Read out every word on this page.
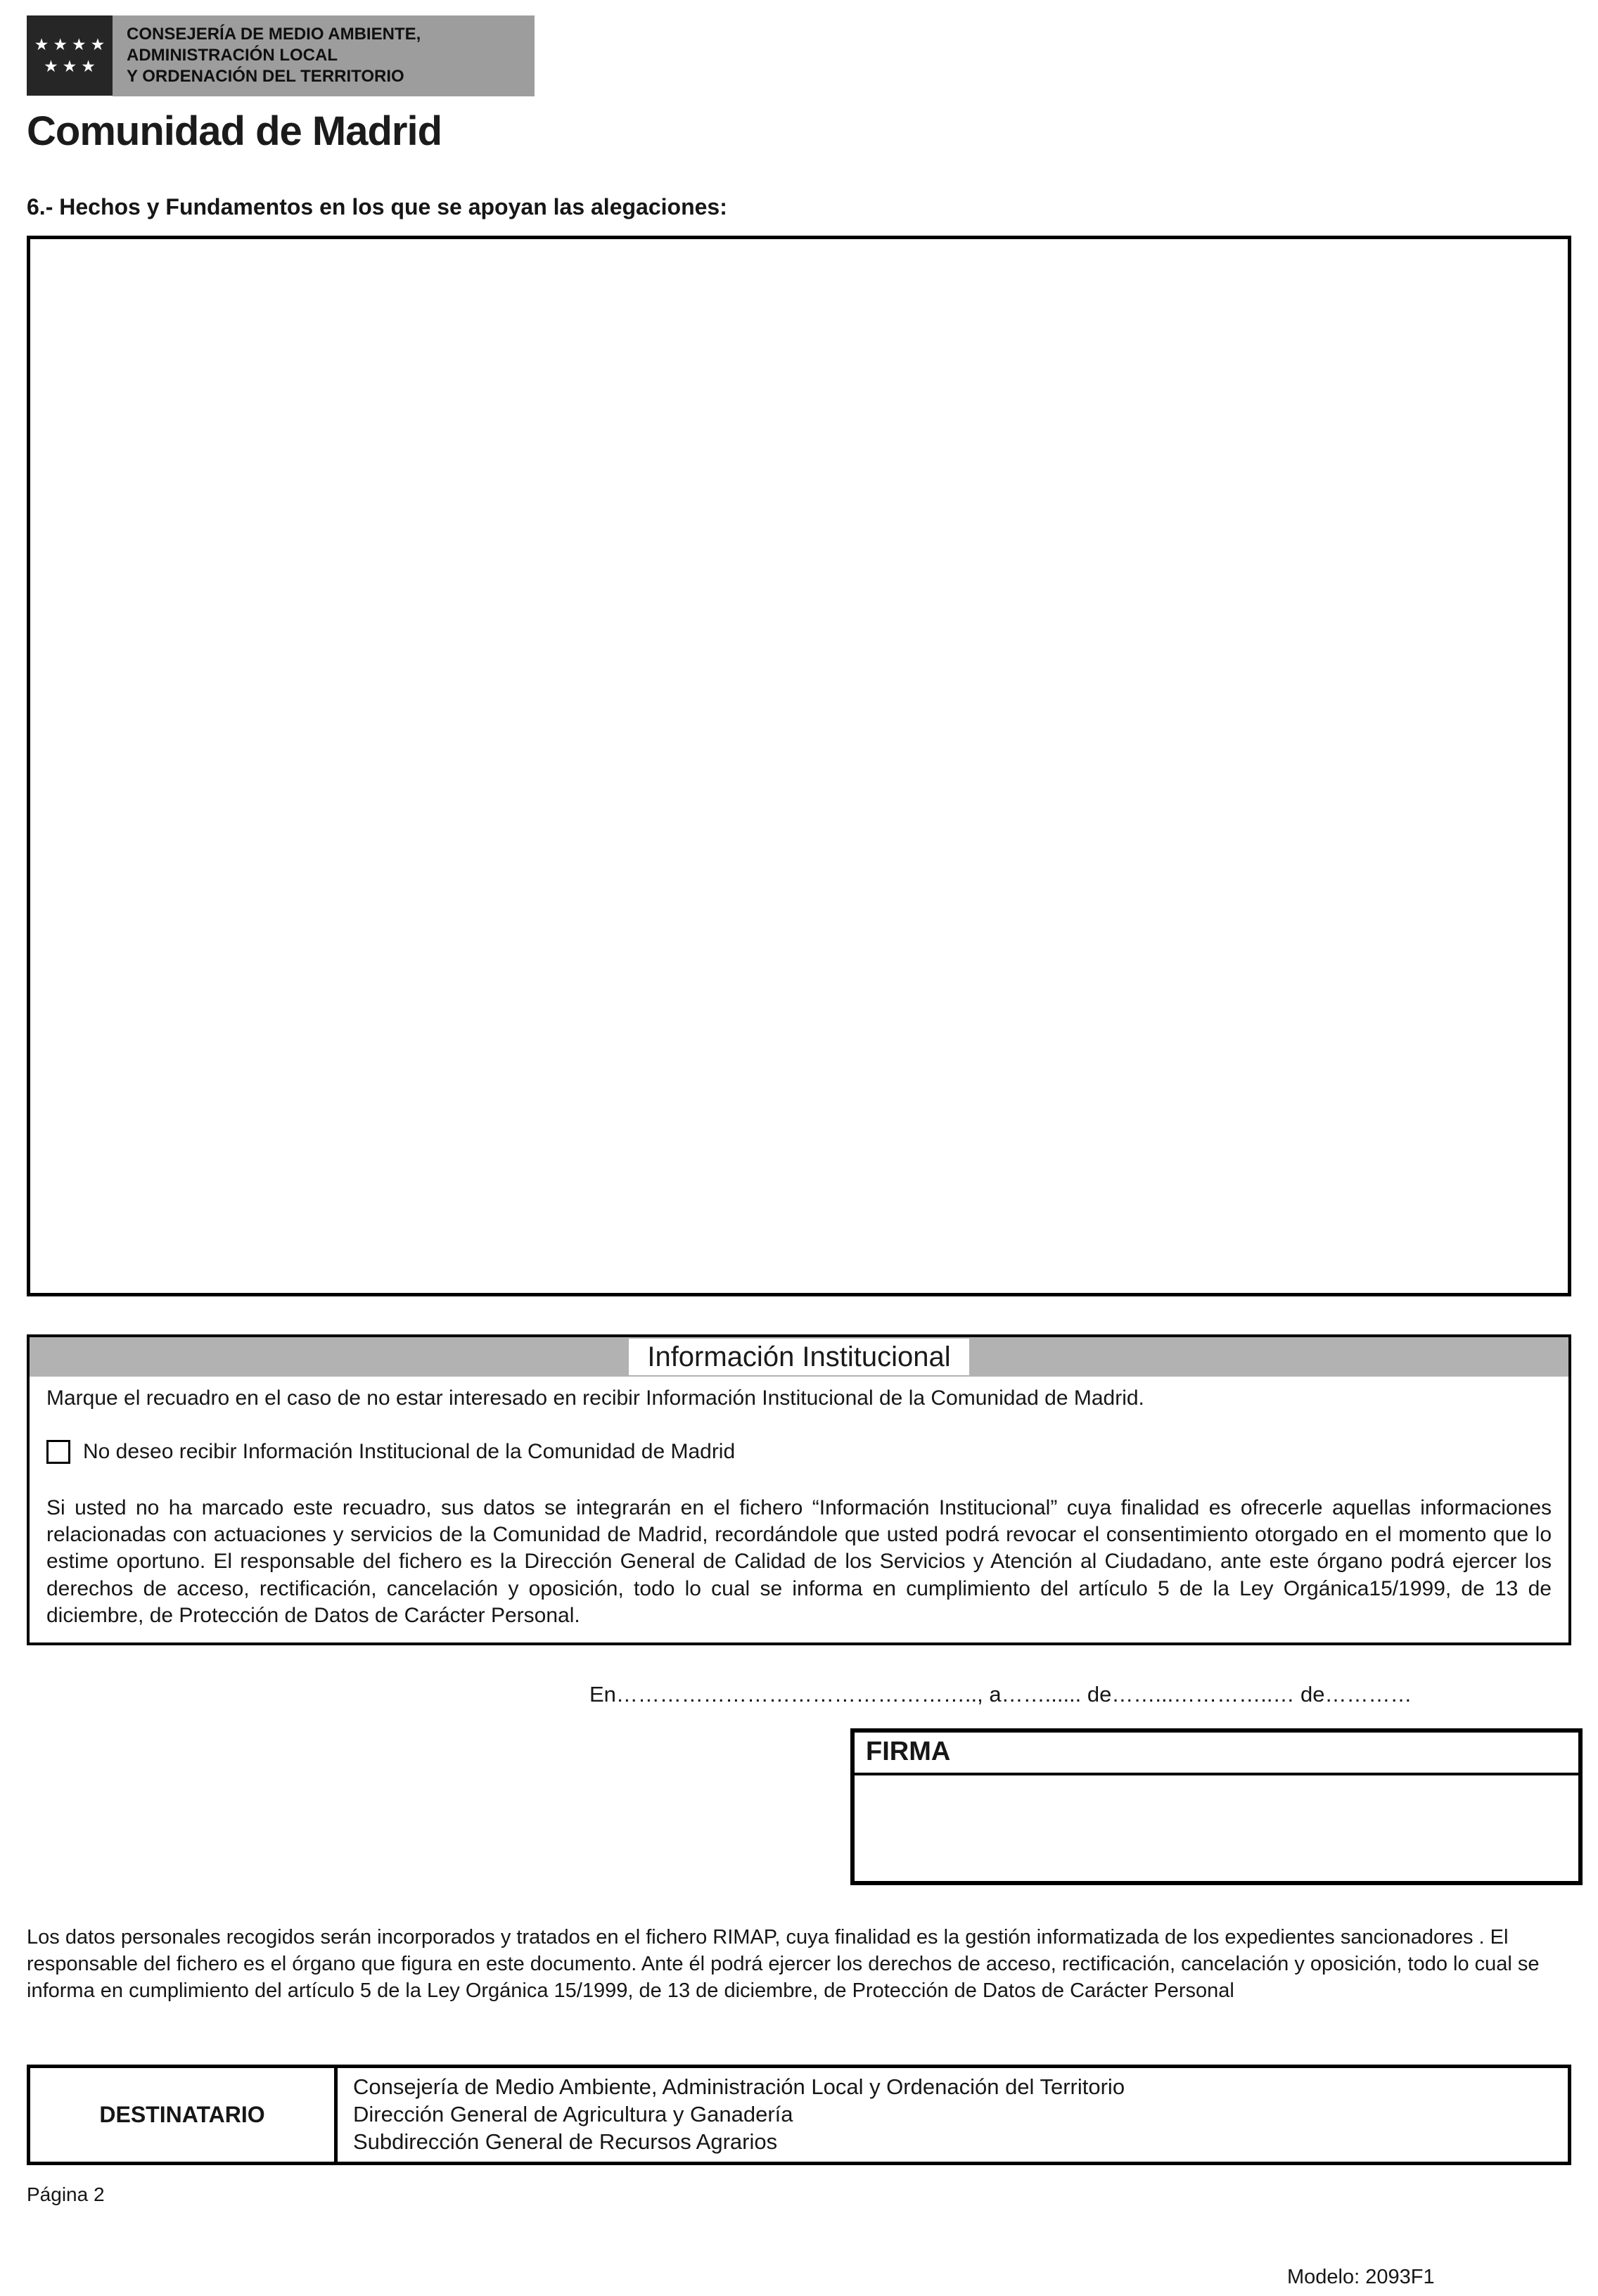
★★★★
★★★
CONSEJERÍA DE MEDIO AMBIENTE,
ADMINISTRACIÓN LOCAL
Y ORDENACIÓN DEL TERRITORIO
Comunidad de Madrid
6.- Hechos y Fundamentos en los que se apoyan las alegaciones:
Información Institucional
Marque el recuadro en el caso de no estar interesado en recibir Información Institucional de la Comunidad de Madrid.
No deseo recibir Información Institucional de la Comunidad de Madrid
Si usted no ha marcado este recuadro, sus datos se integrarán en el fichero “Información Institucional” cuya finalidad es ofrecerle aquellas informaciones relacionadas con actuaciones y servicios de la Comunidad de Madrid, recordándole que usted podrá revocar el consentimiento otorgado en el momento que lo estime oportuno. El responsable del fichero es la Dirección General de Calidad de los Servicios y Atención al Ciudadano, ante este órgano podrá ejercer los derechos de acceso, rectificación, cancelación y oposición, todo lo cual se informa en cumplimiento del artículo 5 de la Ley Orgánica15/1999, de 13 de diciembre, de Protección de Datos de Carácter Personal.
En………………………………………….., a……...... de……...…………..… de…………
FIRMA
Los datos personales recogidos serán incorporados y tratados en el fichero RIMAP, cuya finalidad es la gestión informatizada de los expedientes sancionadores . El responsable del fichero es el órgano que figura en este documento. Ante él podrá ejercer los derechos de acceso, rectificación, cancelación y oposición, todo lo cual se informa en cumplimiento del artículo 5 de la Ley Orgánica 15/1999, de 13 de diciembre, de Protección de Datos de Carácter Personal
DESTINATARIO	
Consejería de Medio Ambiente, Administración Local y Ordenación del Territorio
Dirección General de Agricultura y Ganadería
Subdirección General de Recursos Agrarios
Página 2
Modelo: 2093F1
